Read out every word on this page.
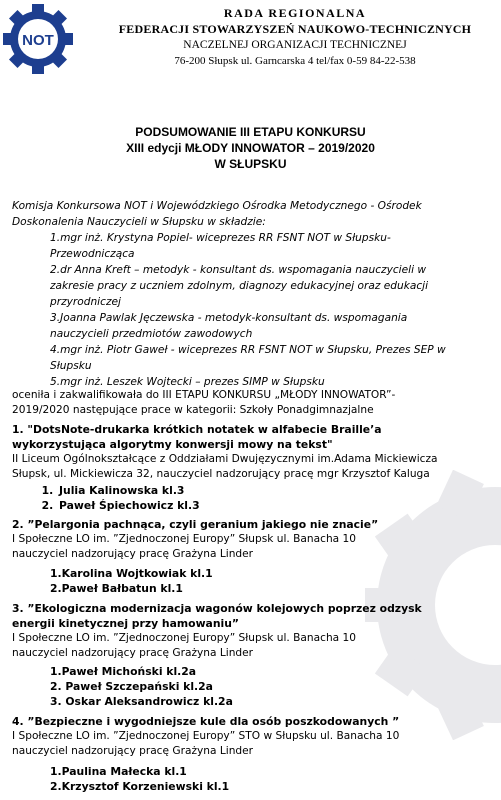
NOT
RADA REGIONALNA
FEDERACJI STOWARZYSZEŃ NAUKOWO-TECHNICZNYCH
NACZELNEJ ORGANIZACJI TECHNICZNEJ
76-200 Słupsk ul. Garncarska 4 tel/fax 0-59 84-22-538
PODSUMOWANIE III ETAPU KONKURSU
XIII edycji MŁODY INNOWATOR – 2019/2020
W SŁUPSKU
Komisja Konkursowa NOT i Wojewódzkiego Ośrodka Metodycznego - Ośrodek
Doskonalenia Nauczycieli w Słupsku w składzie:
1.mgr inż. Krystyna Popiel- wiceprezes RR FSNT NOT w Słupsku-
Przewodnicząca
2.dr Anna Kreft – metodyk - konsultant ds. wspomagania nauczycieli w
zakresie pracy z uczniem zdolnym, diagnozy edukacyjnej oraz edukacji
przyrodniczej
3.Joanna Pawlak Jęczewska - metodyk-konsultant ds. wspomagania
nauczycieli przedmiotów zawodowych
4.mgr inż. Piotr Gaweł - wiceprezes RR FSNT NOT w Słupsku, Prezes SEP w
Słupsku
5.mgr inż. Leszek Wojtecki – prezes SIMP w Słupsku
oceniła i zakwalifikowała do III ETAPU KONKURSU „MŁODY INNOWATOR”-
2019/2020 następujące prace w kategorii: Szkoły Ponadgimnazjalne
1. "DotsNote-drukarka krótkich notatek w alfabecie Braille’a
wykorzystująca algorytmy konwersji mowy na tekst"
II Liceum Ogólnokształcące z Oddziałami Dwujęzycznymi im.Adama Mickiewicza
Słupsk, ul. Mickiewicza 32, nauczyciel nadzorujący pracę mgr Krzysztof Kaluga
1. Julia Kalinowska kl.3
2. Paweł Śpiechowicz kl.3
2. ”Pelargonia pachnąca, czyli geranium jakiego nie znacie”
I Społeczne LO im. ”Zjednoczonej Europy” Słupsk ul. Banacha 10
nauczyciel nadzorujący pracę Grażyna Linder
1.Karolina Wojtkowiak kl.1
2.Paweł Bałbatun kl.1
3. ”Ekologiczna modernizacja wagonów kolejowych poprzez odzysk
energii kinetycznej przy hamowaniu”
I Społeczne LO im. ”Zjednoczonej Europy” Słupsk ul. Banacha 10
nauczyciel nadzorujący pracę Grażyna Linder
1.Paweł Michoński kl.2a
2. Paweł Szczepański kl.2a
3. Oskar Aleksandrowicz kl.2a
4. ”Bezpieczne i wygodniejsze kule dla osób poszkodowanych ”
I Społeczne LO im. ”Zjednoczonej Europy” STO w Słupsku ul. Banacha 10
nauczyciel nadzorujący pracę Grażyna Linder
1.Paulina Małecka kl.1
2.Krzysztof Korzeniewski kl.1
